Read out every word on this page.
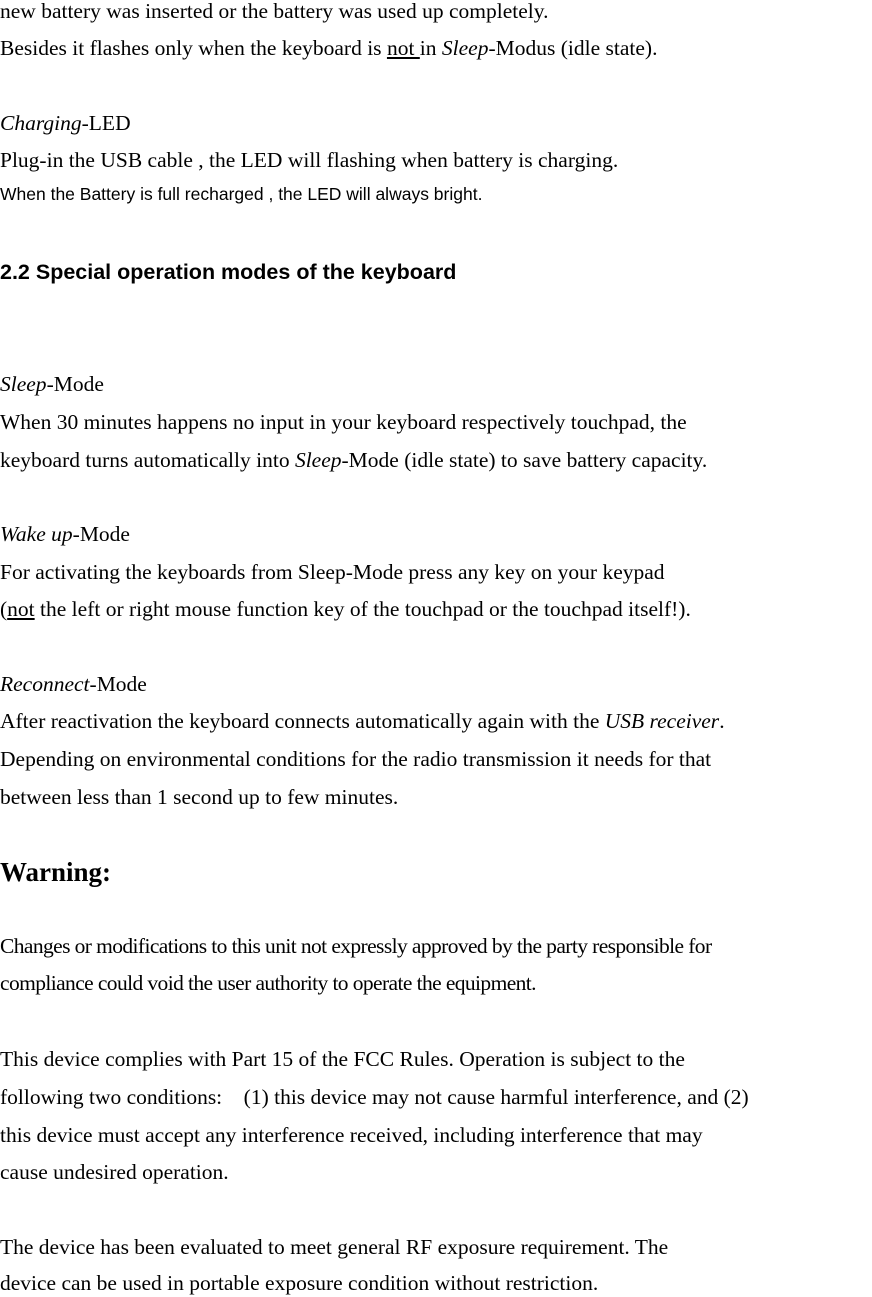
new battery was inserted or the battery was used up completely.
Besides it flashes only when the keyboard is not in Sleep-Modus (idle state).
Charging-LED
Plug-in the USB cable , the LED will flashing when battery is charging.
When the Battery is full recharged , the LED will always bright.
2.2 Special operation modes of the keyboard
Sleep-Mode
When 30 minutes happens no input in your keyboard respectively touchpad, the
keyboard turns automatically into Sleep-Mode (idle state) to save battery capacity.
Wake up-Mode
For activating the keyboards from Sleep-Mode press any key on your keypad
(not the left or right mouse function key of the touchpad or the touchpad itself!).
Reconnect-Mode
After reactivation the keyboard connects automatically again with the USB receiver.
Depending on environmental conditions for the radio transmission it needs for that
between less than 1 second up to few minutes.
Warning:
Changes or modifications to this unit not expressly approved by the party responsible for
compliance could void the user authority to operate the equipment.
This device complies with Part 15 of the FCC Rules. Operation is subject to the
following two conditions:    (1) this device may not cause harmful interference, and (2)
this device must accept any interference received, including interference that may
cause undesired operation.
The device has been evaluated to meet general RF exposure requirement. The
device can be used in portable exposure condition without restriction.
